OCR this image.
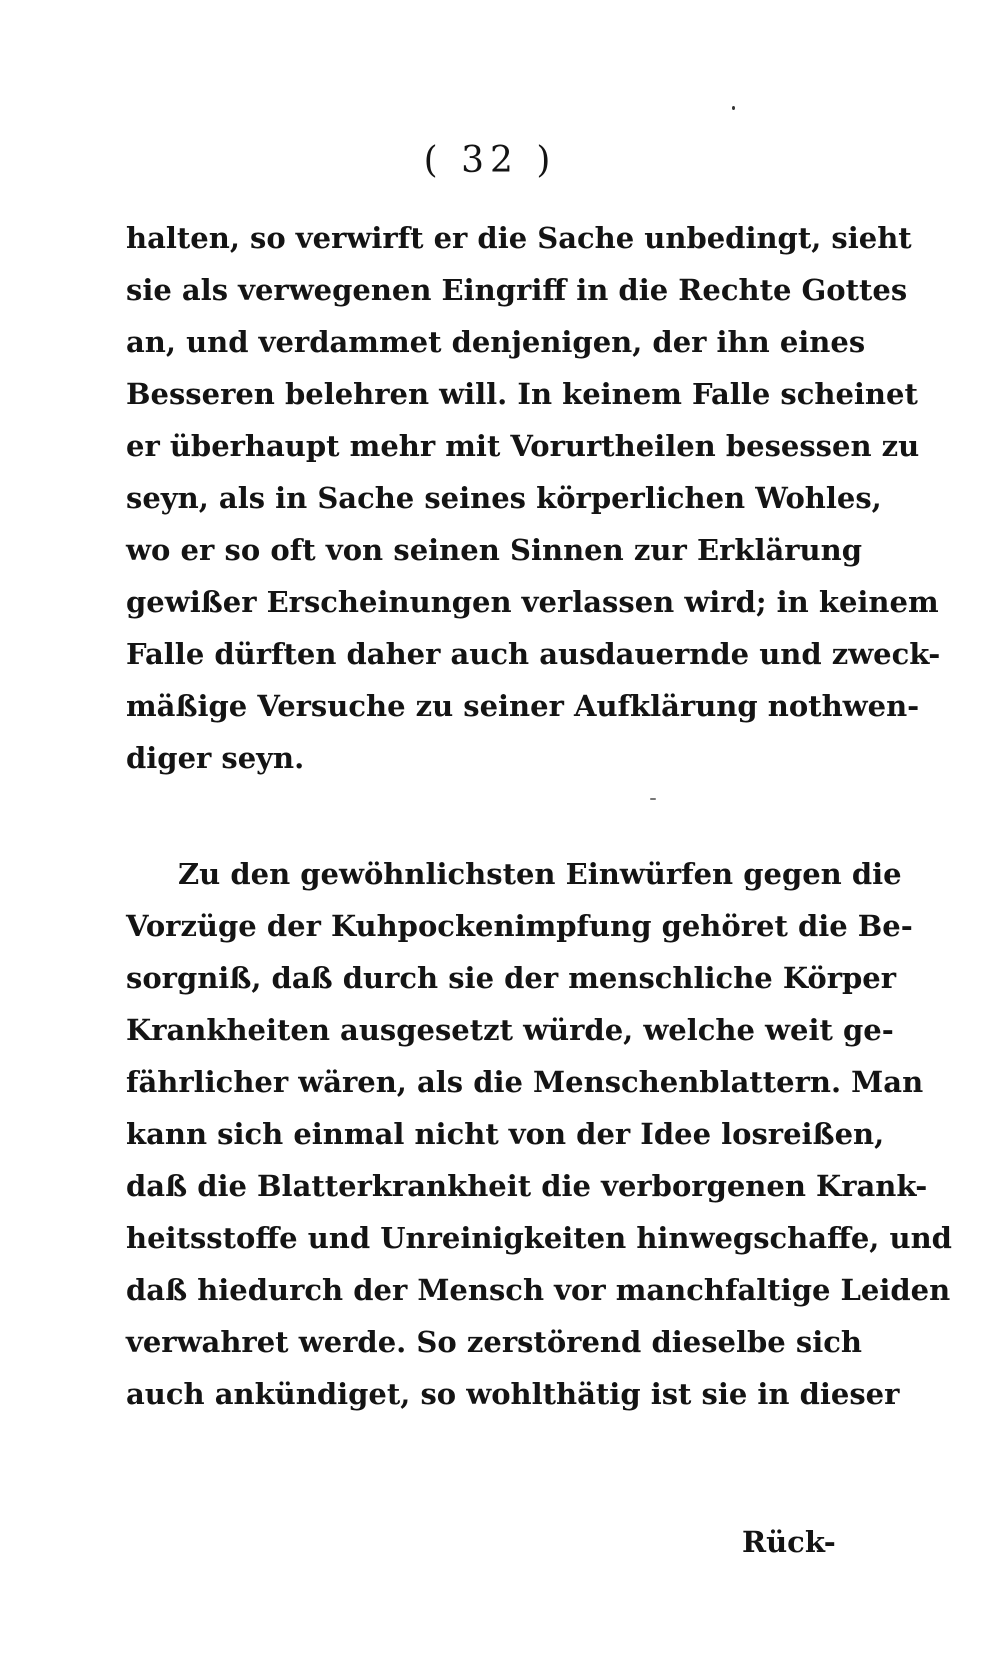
( 32 )
halten, so verwirft er die Sache unbedingt, sieht
sie als verwegenen Eingriff in die Rechte Gottes
an, und verdammet denjenigen, der ihn eines
Besseren belehren will. In keinem Falle scheinet
er überhaupt mehr mit Vorurtheilen besessen zu
seyn, als in Sache seines körperlichen Wohles,
wo er so oft von seinen Sinnen zur Erklärung
gewißer Erscheinungen verlassen wird; in keinem
Falle dürften daher auch ausdauernde und zweck-
mäßige Versuche zu seiner Aufklärung nothwen-
diger seyn.
Zu den gewöhnlichsten Einwürfen gegen die
Vorzüge der Kuhpockenimpfung gehöret die Be-
sorgniß, daß durch sie der menschliche Körper
Krankheiten ausgesetzt würde, welche weit ge-
fährlicher wären, als die Menschenblattern. Man
kann sich einmal nicht von der Idee losreißen,
daß die Blatterkrankheit die verborgenen Krank-
heitsstoffe und Unreinigkeiten hinwegschaffe, und
daß hiedurch der Mensch vor manchfaltige Leiden
verwahret werde. So zerstörend dieselbe sich
auch ankündiget, so wohlthätig ist sie in dieser
Rück-
